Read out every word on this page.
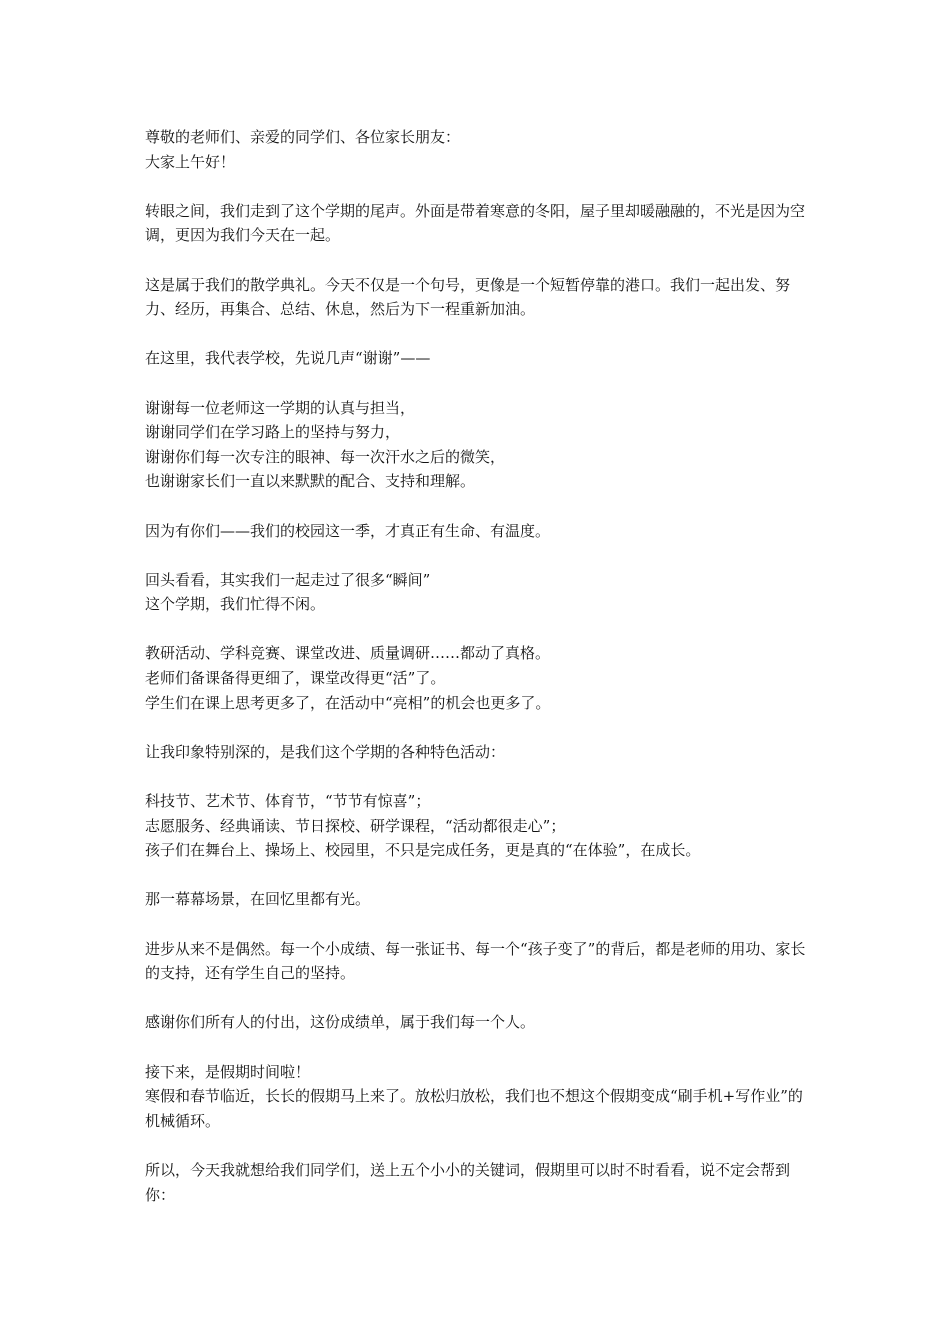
尊敬的老师们、亲爱的同学们、各位家长朋友：
大家上午好！
转眼之间，我们走到了这个学期的尾声。外面是带着寒意的冬阳，屋子里却暖融融的，不光是因为空调，更因为我们今天在一起。
这是属于我们的散学典礼。今天不仅是一个句号，更像是一个短暂停靠的港口。我们一起出发、努力、经历，再集合、总结、休息，然后为下一程重新加油。
在这里，我代表学校，先说几声“谢谢”——
谢谢每一位老师这一学期的认真与担当，
谢谢同学们在学习路上的坚持与努力，
谢谢你们每一次专注的眼神、每一次汗水之后的微笑，
也谢谢家长们一直以来默默的配合、支持和理解。
因为有你们——我们的校园这一季，才真正有生命、有温度。
回头看看，其实我们一起走过了很多“瞬间”
这个学期，我们忙得不闲。
教研活动、学科竞赛、课堂改进、质量调研……都动了真格。
老师们备课备得更细了，课堂改得更“活”了。
学生们在课上思考更多了，在活动中“亮相”的机会也更多了。
让我印象特别深的，是我们这个学期的各种特色活动：
科技节、艺术节、体育节，“节节有惊喜”；
志愿服务、经典诵读、节日探校、研学课程，“活动都很走心”；
孩子们在舞台上、操场上、校园里，不只是完成任务，更是真的“在体验”，在成长。
那一幕幕场景，在回忆里都有光。
进步从来不是偶然。每一个小成绩、每一张证书、每一个“孩子变了”的背后，都是老师的用功、家长的支持，还有学生自己的坚持。
感谢你们所有人的付出，这份成绩单，属于我们每一个人。
接下来，是假期时间啦！
寒假和春节临近，长长的假期马上来了。放松归放松，我们也不想这个假期变成“刷手机+写作业”的机械循环。
所以，今天我就想给我们同学们，送上五个小小的关键词，假期里可以时不时看看，说不定会帮到你：
